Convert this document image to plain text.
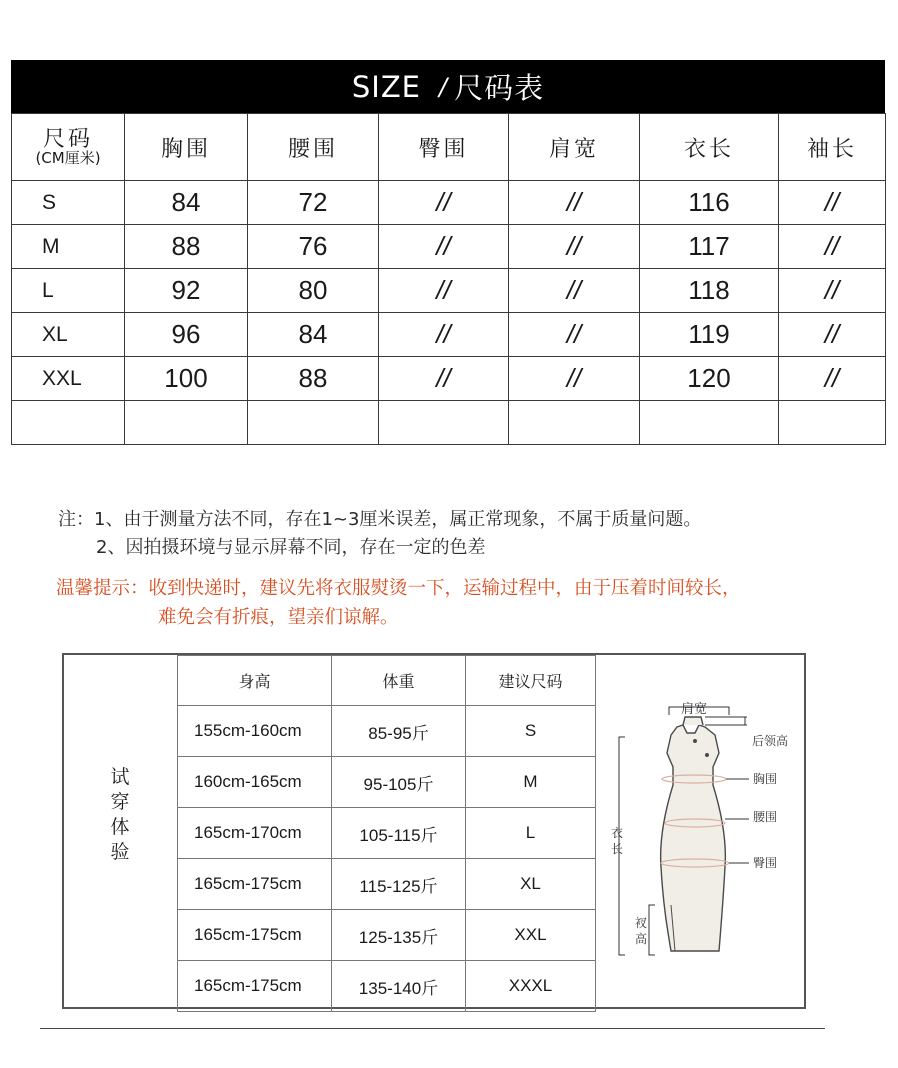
SIZE / 尺码表
尺码
(CM厘米)	胸围	腰围	臀围	肩宽	衣长	袖长
S	84	72	//	//	116	//
M	88	76	//	//	117	//
L	92	80	//	//	118	//
XL	96	84	//	//	119	//
XXL	100	88	//	//	120	//

注：1、由于测量方法不同，存在1~3厘米误差，属正常现象，不属于质量问题。
2、因拍摄环境与显示屏幕不同，存在一定的色差
温馨提示：收到快递时，建议先将衣服熨烫一下，运输过程中，由于压着时间较长，
难免会有折痕，望亲们谅解。
试
穿
体
验
身高	体重	建议尺码
155cm-160cm	85-95斤	S
160cm-165cm	95-105斤	M
165cm-170cm	105-115斤	L
165cm-175cm	115-125斤	XL
165cm-175cm	125-135斤	XXL
165cm-175cm	135-140斤	XXXL
肩宽
后领高
胸围
腰围
臀围
衣
长
衩
高
